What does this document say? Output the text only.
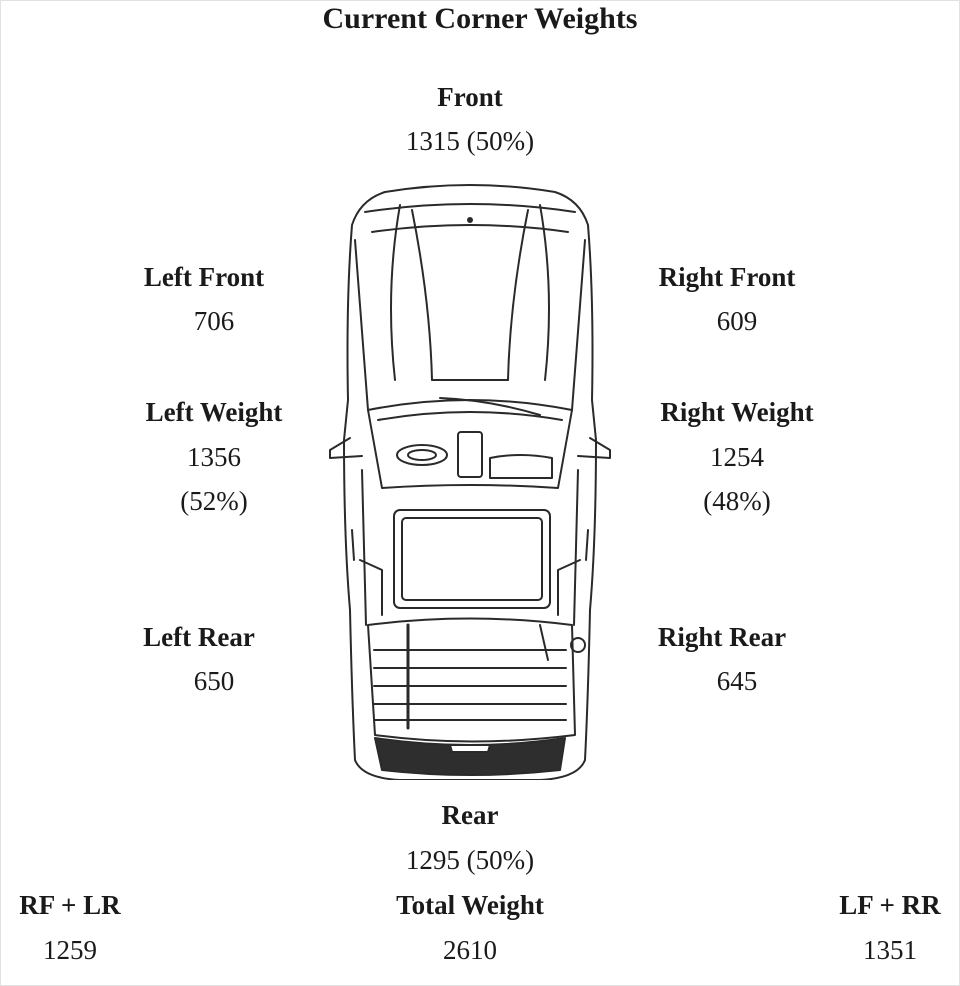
Current Corner Weights
Front
1315 (50%)
Left Front
706
Right Front
609
Left Weight
1356
(52%)
Right Weight
1254
(48%)
Left Rear
650
Right Rear
645
Rear
1295 (50%)
RF + LR
1259
Total Weight
2610
LF + RR
1351
